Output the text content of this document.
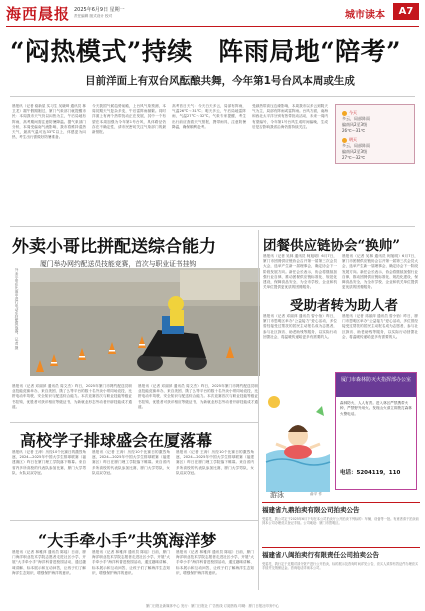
海西晨报 2025年6月9日 星期一
责任编辑 版式设计 校对	城市读本	A7
“闷热模式”持续　阵雨局地“陪考”
目前洋面上有双台风酝酿共舞，今年第1号台风本周或生成
晨报讯（记者 骆新星 实习生 吴晓琦 通讯员 林卫龙）端午假期刚过，厦门气象部门就提醒市民：本周我市天气仍以闷热为主，午后局地有阵雨，高考期间需注意防暑降温。据气象部门分析，本周受偏南气流影响，我市将维持湿热天气，最高气温可达33℃以上，体感更为闷热，考生出行需做好防暑准备。
今天我国气候趋势前瞻，上台风气象预测，本周初期天气复杂多变，午后雷阵雨频繁。同时洋面上有两个热带扰动正在发展，其中一个有望在本周加强为今年第1号台风，具体路径仍存在不确定性，请市民密切关注气象部门的最新预报。
高考首日天气：今天白天多云，局部有阵雨，气温26℃～31℃；明天多云，午后局地雷阵雨，气温27℃～32℃。气象专家提醒，考生出行前应查看天气预报，携带雨具，注意防暑降温，确保顺利赴考。
受副热带高压边缘影响，本周我市以多云到阴天气为主，局部有阵雨或雷阵雨。台风方面，南海和西北太平洋分别有热带扰动活动，未来一周内有望编号，今年第1号台风生成时间偏晚，生成后是否影响我省沿海仍需持续关注。
今天
多云，局部阵雨
偏南风2至3级
26℃～31℃
明天
多云，局部阵雨
偏南风2至3级
27℃～32℃
外卖小哥比拼配送综合能力
厦门举办网约配送员技能竞赛，首次与职业证书挂钩
外卖小哥在比赛中进行电动车技能挑战赛。 记者 摄
晨报讯（记者 邓丽萍 通讯员 周文杰）昨日，2025年厦门市网约配送员职业技能竞赛举办，来自美团、饿了么等平台的数十名外卖小哥同场竞技，比拼电动车驾驶、安全知识与配送综合能力。本次竞赛首次与职业技能等级证书挂钩，优胜者可获评相应等级证书，为新就业形态劳动者开辟技能成才通道。
晨报讯（记者 邓丽萍 通讯员 周文杰）昨日，2025年厦门市网约配送员职业技能竞赛举办，来自美团、饿了么等平台的数十名外卖小哥同场竞技，比拼电动车驾驶、安全知识与配送综合能力。本次竞赛首次与职业技能等级证书挂钩，优胜者可获评相应等级证书，为新就业形态劳动者开辟技能成才通道。
团餐供应链协会“换帅”
晨报讯（记者 吴林 通讯员 柯旭明）6月7日，厦门市团餐供应链协会召开第一届第三次会员大会，选举产生新一届理事会，确定协会下一阶段发展方向。新任会长表示，协会将继续加强行业自律，推动团餐供应链标准化、规范化建设，保障食品安全，为全市学校、企业和机关单位提供更优质的团餐服务。
晨报讯（记者 吴林 通讯员 柯旭明）6月7日，厦门市团餐供应链协会召开第一届第三次会员大会，选举产生新一届理事会，确定协会下一阶段发展方向。新任会长表示，协会将继续加强行业自律，推动团餐供应链标准化、规范化建设，保障食品安全，为全市学校、企业和机关单位提供更优质的团餐服务。
受助者转为助人者
晨报讯（记者 邓丽萍 通讯员 曾小怡）昨日，厦门市思明区举办“公益接力”爱心活动，多位曾经接受过帮扶的居民主动报名成为志愿者，参与社区探访、助老助残等服务，以实际行动回馈社会，将温暖传递给更多有需要的人。
晨报讯（记者 邓丽萍 通讯员 曾小怡）昨日，厦门市思明区举办“公益接力”爱心活动，多位曾经接受过帮扶的居民主动报名成为志愿者，参与社区探访、助老助残等服务，以实际行动回馈社会，将温暖传递给更多有需要的人。
厦门市森林防灭火指挥部办公室
森林防火，人人有责。进入林区严禁携带火种，严禁野外用火。发现山火请立即拨打森林火警电话。
电话：5204119，110
游泳	俞平 作
高校学子排球盛会在厦落幕
晨报讯（记者 王涛）历经10个比赛日的激烈角逐，2024—2025年中国大学生排球联赛（福建赛区）昨日在厦门理工学院落下帷幕。来自省内多所高校的代表队参加比赛，厦门大学男队、女队双双夺冠。
晨报讯（记者 王涛）历经10个比赛日的激烈角逐，2024—2025年中国大学生排球联赛（福建赛区）昨日在厦门理工学院落下帷幕。来自省内多所高校的代表队参加比赛，厦门大学男队、女队双双夺冠。
晨报讯（记者 王涛）历经10个比赛日的激烈角逐，2024—2025年中国大学生排球联赛（福建赛区）昨日在厦门理工学院落下帷幕。来自省内多所高校的代表队参加比赛，厦门大学男队、女队双双夺冠。
“大手牵小手”共筑海洋梦
晨报讯（记者 林雅萍 通讯员 陈瑶）日前，厦门海洋职业技术学院志愿者走进社区小学，开展“大手牵小手”海洋科普进校园活动，通过趣味讲解、标本展示和互动问答，让孩子们了解海洋生态知识，增强保护海洋的意识。
晨报讯（记者 林雅萍 通讯员 陈瑶）日前，厦门海洋职业技术学院志愿者走进社区小学，开展“大手牵小手”海洋科普进校园活动，通过趣味讲解、标本展示和互动问答，让孩子们了解海洋生态知识，增强保护海洋的意识。
晨报讯（记者 林雅萍 通讯员 陈瑶）日前，厦门海洋职业技术学院志愿者走进社区小学，开展“大手牵小手”海洋科普进校园活动，通过趣味讲解、标本展示和互动问答，让孩子们了解海洋生态知识，增强保护海洋的意识。
福建省九鼎拍卖有限公司拍卖公告
受委托，我公司定于2025年6月下旬在本公司拍卖厅公开拍卖下列标的：车辆、设备等一批。有意者请于拍卖前到本公司办理竞买登记手续。公司地址：厦门市思明区。
福建省八闽拍卖行有限责任公司拍卖公告
受委托，我行定于近期对部分资产进行公开拍卖，标的展示及咨询时间详见公告，竞买人须持有效证件办理竞买手续并交纳保证金。咨询电话详询本公司。
厦门日报社新媒体中心 发行：厦门日报社 广告热线 订阅热线 印刷：厦门日报社印务中心
